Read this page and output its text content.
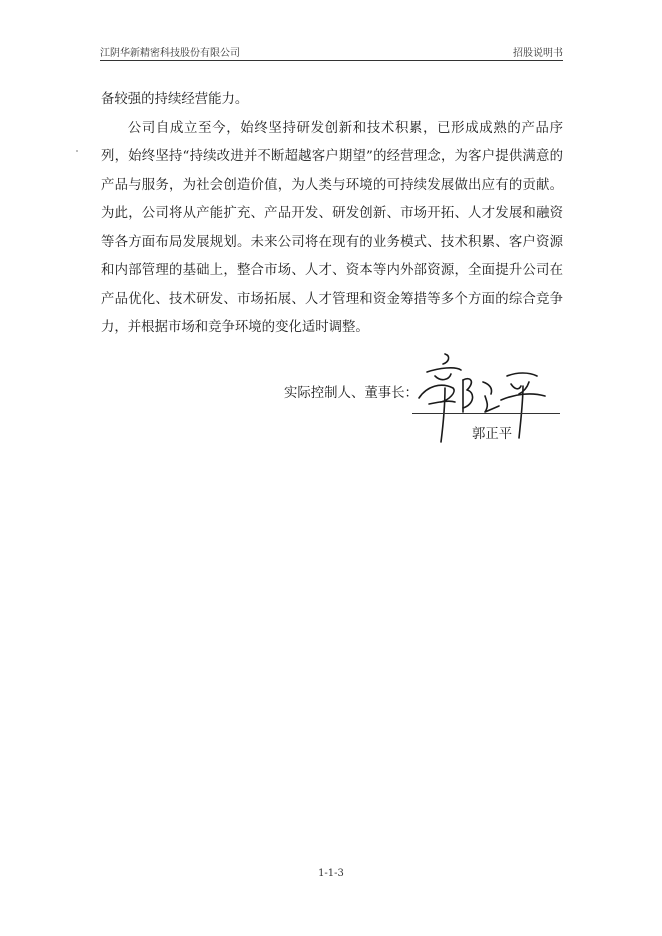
江阴华新精密科技股份有限公司	招股说明书

备较强的持续经营能力。

公司自成立至今，始终坚持研发创新和技术积累，已形成成熟的产品序列，始终坚持“持续改进并不断超越客户期望”的经营理念，为客户提供满意的产品与服务，为社会创造价值，为人类与环境的可持续发展做出应有的贡献。为此，公司将从产能扩充、产品开发、研发创新、市场开拓、人才发展和融资等各方面布局发展规划。未来公司将在现有的业务模式、技术积累、客户资源和内部管理的基础上，整合市场、人才、资本等内外部资源，全面提升公司在产品优化、技术研发、市场拓展、人才管理和资金筹措等多个方面的综合竞争力，并根据市场和竞争环境的变化适时调整。

实际控制人、董事长：
郭正平
1-1-3
